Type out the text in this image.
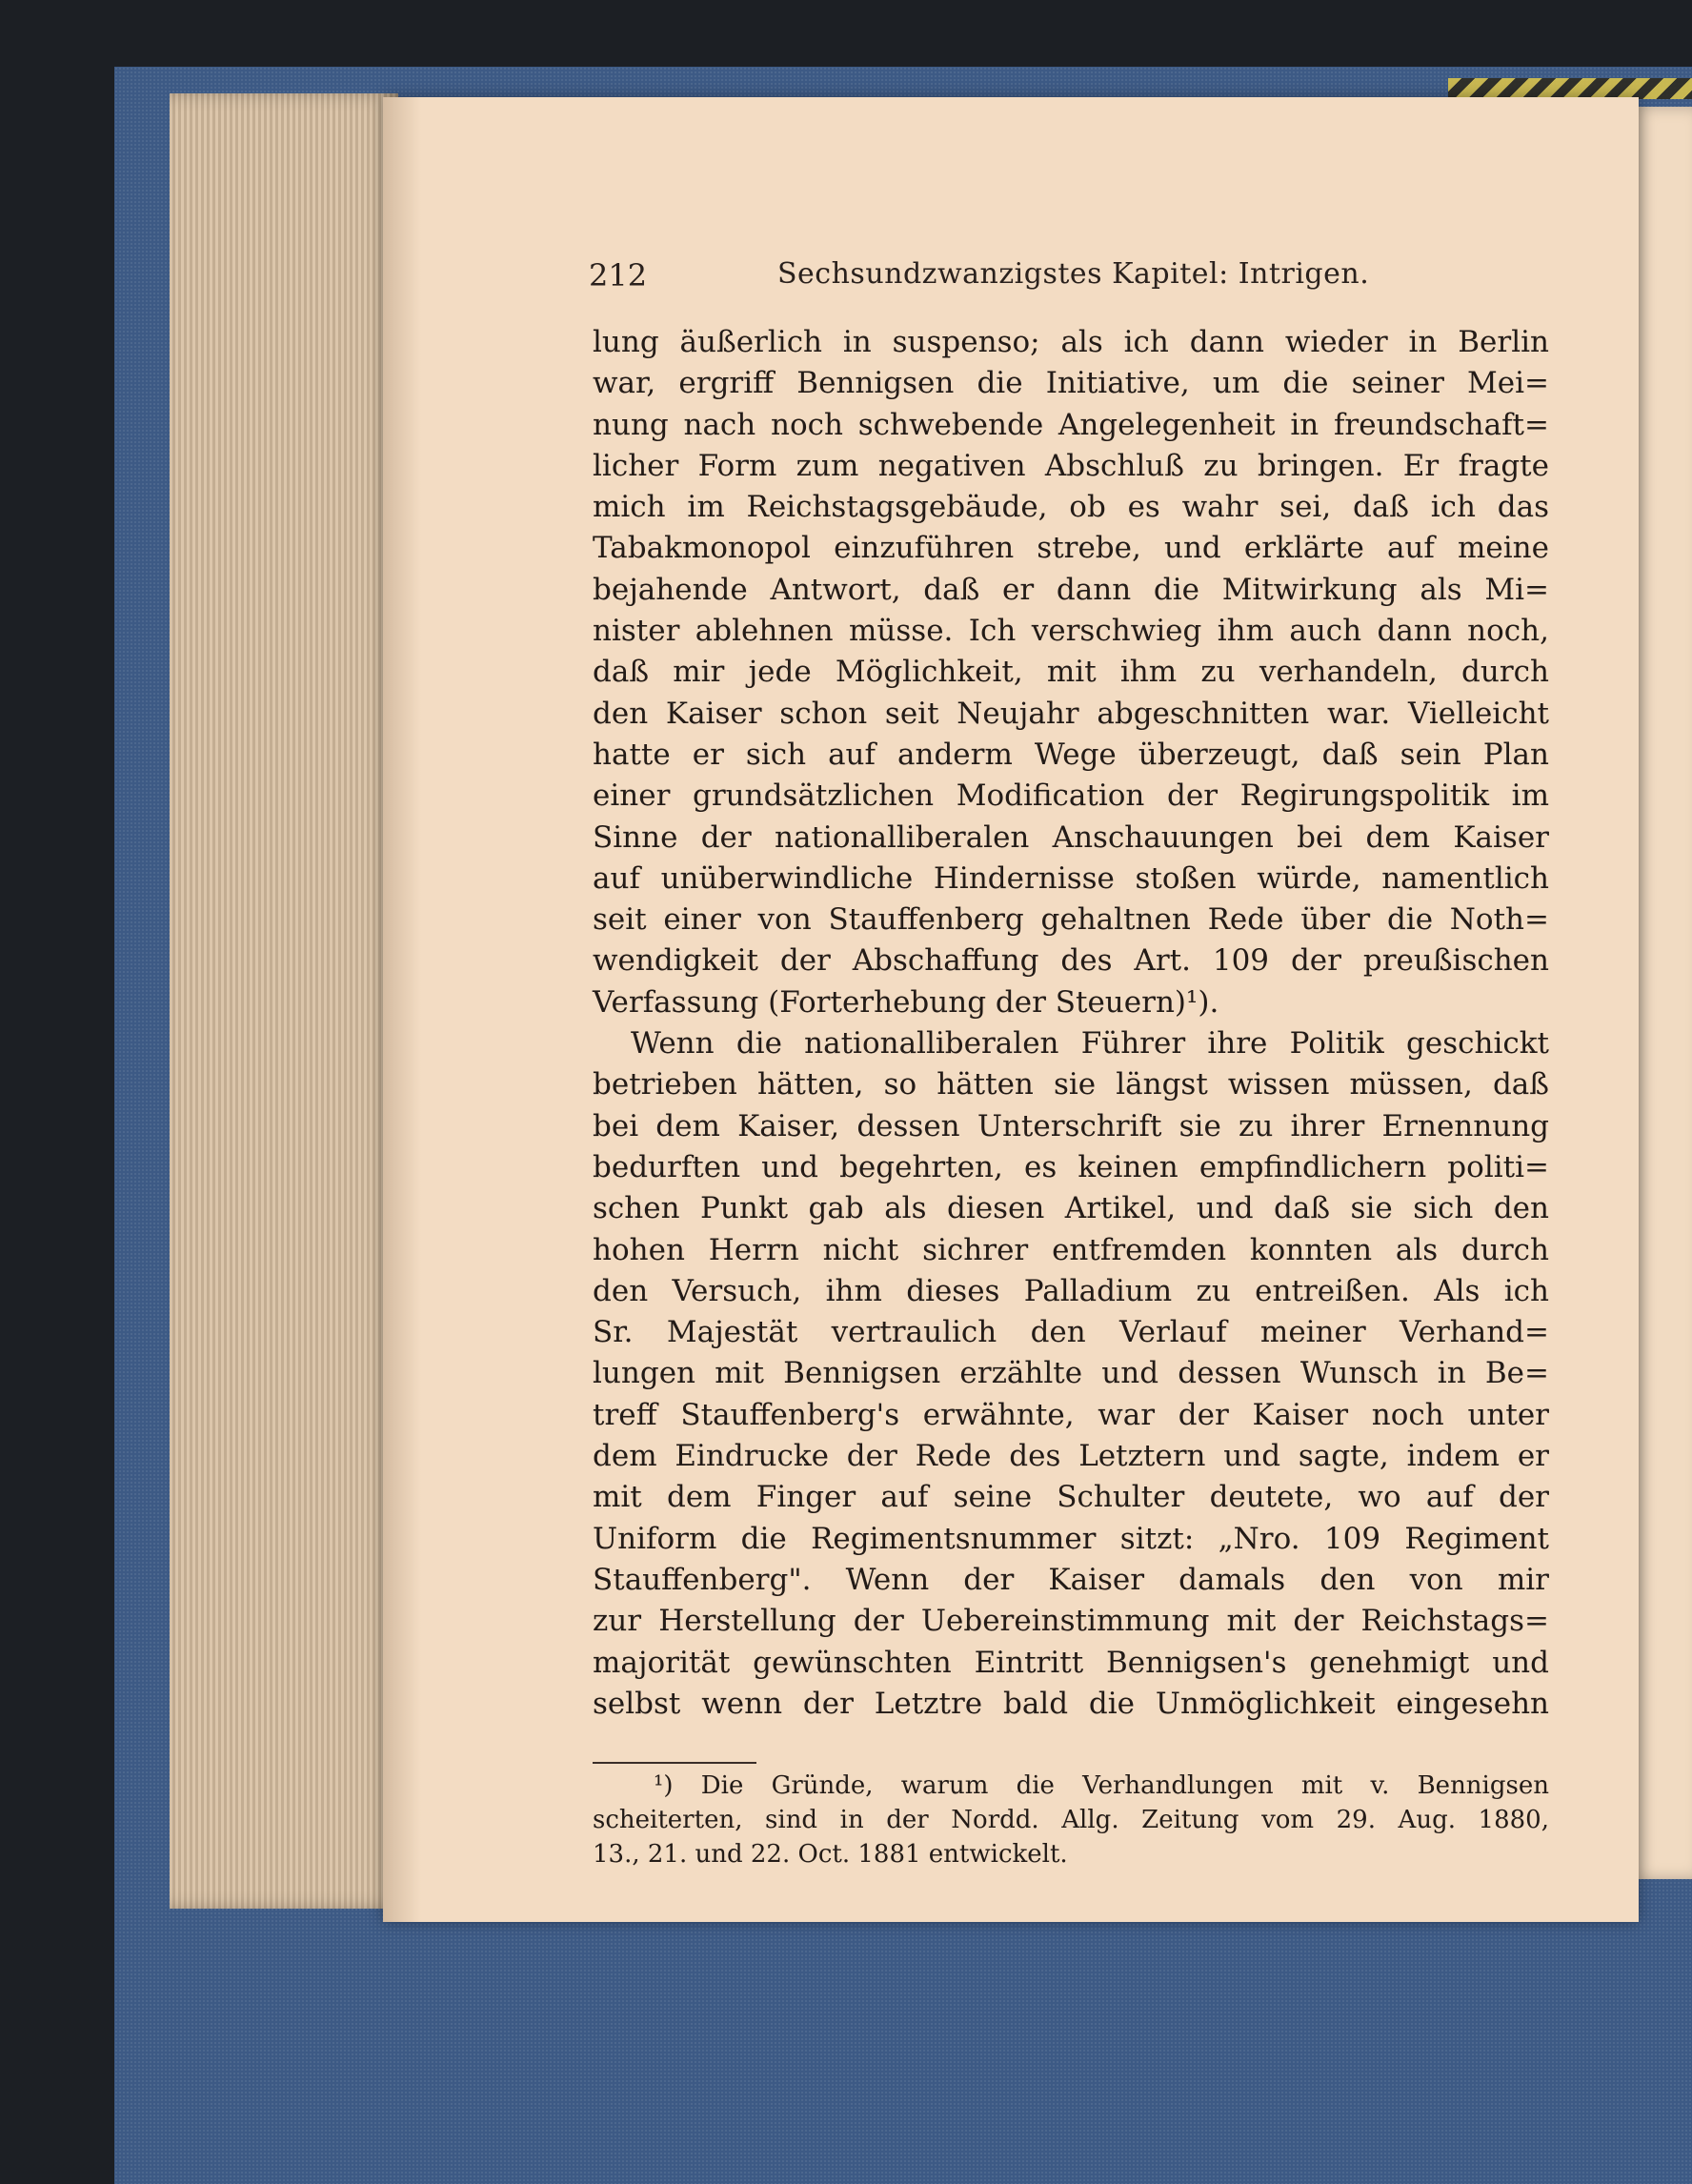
212	Sechsundzwanzigstes Kapitel: Intrigen.
lung äußerlich in suspenso; als ich dann wieder in Berlin
war, ergriff Bennigsen die Initiative, um die seiner Mei=
nung nach noch schwebende Angelegenheit in freundschaft=
licher Form zum negativen Abschluß zu bringen. Er fragte
mich im Reichstagsgebäude, ob es wahr sei, daß ich das
Tabakmonopol einzuführen strebe, und erklärte auf meine
bejahende Antwort, daß er dann die Mitwirkung als Mi=
nister ablehnen müsse. Ich verschwieg ihm auch dann noch,
daß mir jede Möglichkeit, mit ihm zu verhandeln, durch
den Kaiser schon seit Neujahr abgeschnitten war. Vielleicht
hatte er sich auf anderm Wege überzeugt, daß sein Plan
einer grundsätzlichen Modification der Regirungspolitik im
Sinne der nationalliberalen Anschauungen bei dem Kaiser
auf unüberwindliche Hindernisse stoßen würde, namentlich
seit einer von Stauffenberg gehaltnen Rede über die Noth=
wendigkeit der Abschaffung des Art. 109 der preußischen
Verfassung (Forterhebung der Steuern)¹).
Wenn die nationalliberalen Führer ihre Politik geschickt
betrieben hätten, so hätten sie längst wissen müssen, daß
bei dem Kaiser, dessen Unterschrift sie zu ihrer Ernennung
bedurften und begehrten, es keinen empfindlichern politi=
schen Punkt gab als diesen Artikel, und daß sie sich den
hohen Herrn nicht sichrer entfremden konnten als durch
den Versuch, ihm dieses Palladium zu entreißen. Als ich
Sr. Majestät vertraulich den Verlauf meiner Verhand=
lungen mit Bennigsen erzählte und dessen Wunsch in Be=
treff Stauffenberg's erwähnte, war der Kaiser noch unter
dem Eindrucke der Rede des Letztern und sagte, indem er
mit dem Finger auf seine Schulter deutete, wo auf der
Uniform die Regimentsnummer sitzt: „Nro. 109 Regiment
Stauffenberg". Wenn der Kaiser damals den von mir
zur Herstellung der Uebereinstimmung mit der Reichstags=
majorität gewünschten Eintritt Bennigsen's genehmigt und
selbst wenn der Letztre bald die Unmöglichkeit eingesehn
¹) Die Gründe, warum die Verhandlungen mit v. Bennigsen
scheiterten, sind in der Nordd. Allg. Zeitung vom 29. Aug. 1880,
13., 21. und 22. Oct. 1881 entwickelt.
